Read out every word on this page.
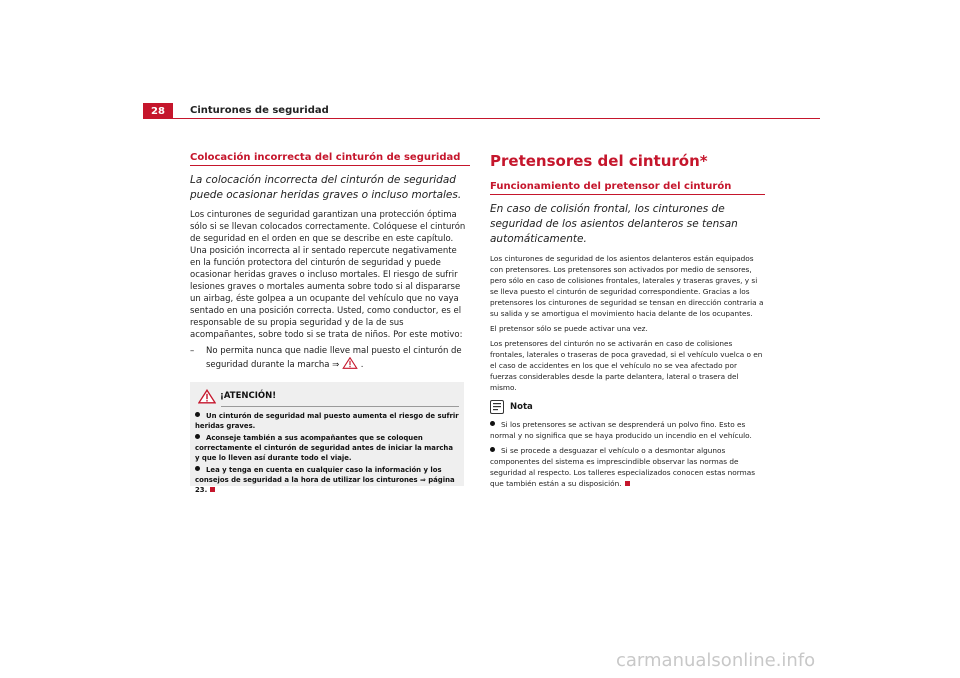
28	Cinturones de seguridad
Colocación incorrecta del cinturón de seguridad

La colocación incorrecta del cinturón de seguridad puede ocasionar heridas graves o incluso mortales.

Los cinturones de seguridad garantizan una protección óptima sólo si se llevan colocados correctamente. Colóquese el cinturón de seguridad en el orden en que se describe en este capítulo. Una posición incorrecta al ir sentado repercute negativamente en la función protectora del cinturón de seguridad y puede ocasionar heridas graves o incluso mortales. El riesgo de sufrir lesiones graves o mortales aumenta sobre todo si al dispararse un airbag, éste golpea a un ocupante del vehículo que no vaya sentado en una posición correcta. Usted, como conductor, es el responsable de su propia seguridad y de la de sus acompañantes, sobre todo si se trata de niños. Por este motivo:

– No permita nunca que nadie lleve mal puesto el cinturón de seguridad durante la marcha ⇒	.
¡ATENCIÓN!

Un cinturón de seguridad mal puesto aumenta el riesgo de sufrir heridas graves.

Aconseje también a sus acompañantes que se coloquen correctamente el cinturón de seguridad antes de iniciar la marcha y que lo lleven así durante todo el viaje.

Lea y tenga en cuenta en cualquier caso la información y los consejos de seguridad a la hora de utilizar los cinturones ⇒ página 23.

Pretensores del cinturón*
Funcionamiento del pretensor del cinturón

En caso de colisión frontal, los cinturones de seguridad de los asientos delanteros se tensan automáticamente.

Los cinturones de seguridad de los asientos delanteros están equipados con pretensores. Los pretensores son activados por medio de sensores, pero sólo en caso de colisiones frontales, laterales y traseras graves, y si se lleva puesto el cinturón de seguridad correspondiente. Gracias a los pretensores los cinturones de seguridad se tensan en dirección contraria a su salida y se amortigua el movimiento hacia delante de los ocupantes.

El pretensor sólo se puede activar una vez.

Los pretensores del cinturón no se activarán en caso de colisiones frontales, laterales o traseras de poca gravedad, si el vehículo vuelca o en el caso de accidentes en los que el vehículo no se vea afectado por fuerzas considerables desde la parte delantera, lateral o trasera del mismo.

Nota

Si los pretensores se activan se desprenderá un polvo fino. Esto es normal y no significa que se haya producido un incendio en el vehículo.

Si se procede a desguazar el vehículo o a desmontar algunos componentes del sistema es imprescindible observar las normas de seguridad al respecto. Los talleres especializados conocen estas normas que también están a su disposición.

carmanualsonline.info
